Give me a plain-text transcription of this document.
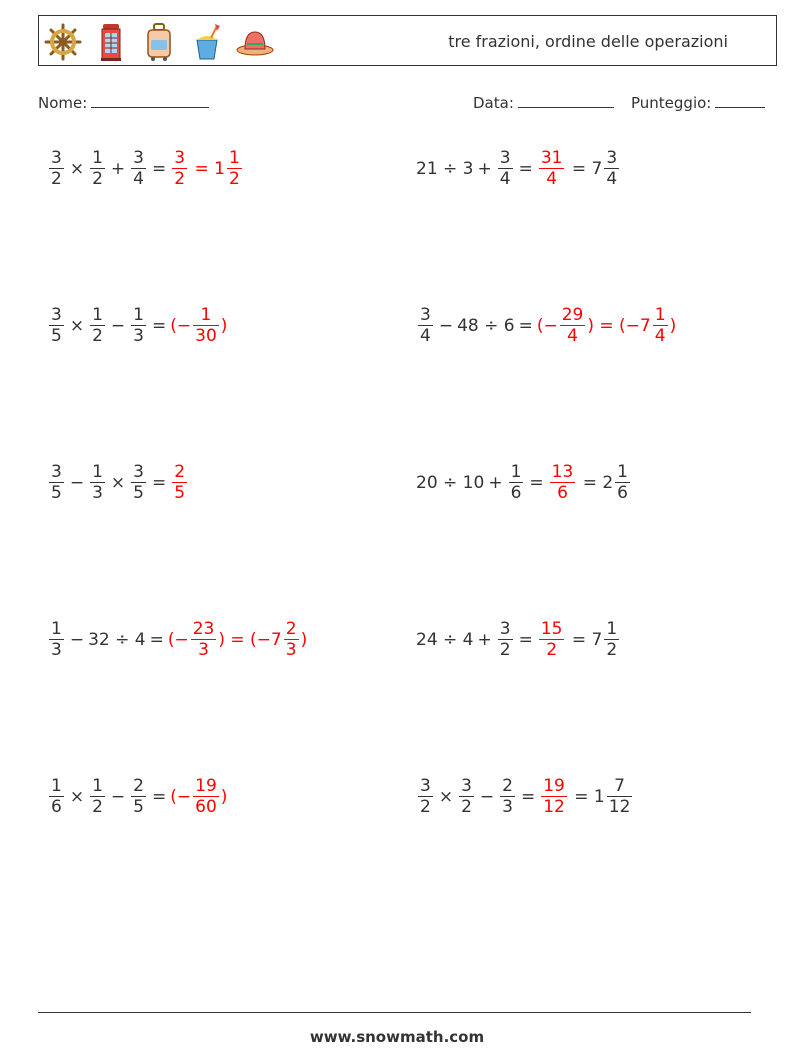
tre frazioni, ordine delle operazioni
Nome:	Data:	Punteggio:
$\frac{3}{2} \times \frac{1}{2} + \frac{3}{4} = \frac{3}{2} = 1 \frac{1}{2}$	$21 \div 3 + \frac{3}{4} = \frac{31}{4} = 7 \frac{3}{4}$
$\frac{3}{5} \times \frac{1}{2} - \frac{1}{3}$ = (− $\frac{1}{30}$ )	$\frac{3}{4} - 48 \div 6$ = (− $\frac{29}{4}$ ) = ($-7 \frac{1}{4}$ )
$\frac{3}{5} - \frac{1}{3} \times \frac{3}{5} = \frac{2}{5}$	$20 \div 10 + \frac{1}{6} = \frac{13}{6} = 2 \frac{1}{6}$
$\frac{1}{3} - 32 \div 4$ = (− $\frac{23}{3}$ ) = ($-7 \frac{2}{3}$ )	$24 \div 4 + \frac{3}{2} = \frac{15}{2} = 7 \frac{1}{2}$
$\frac{1}{6} \times \frac{1}{2} - \frac{2}{5}$ = (− $\frac{19}{60}$ )	$\frac{3}{2} \times \frac{3}{2} - \frac{2}{3} = \frac{19}{12} = 1 \frac{7}{12}$
www.snowmath.com
